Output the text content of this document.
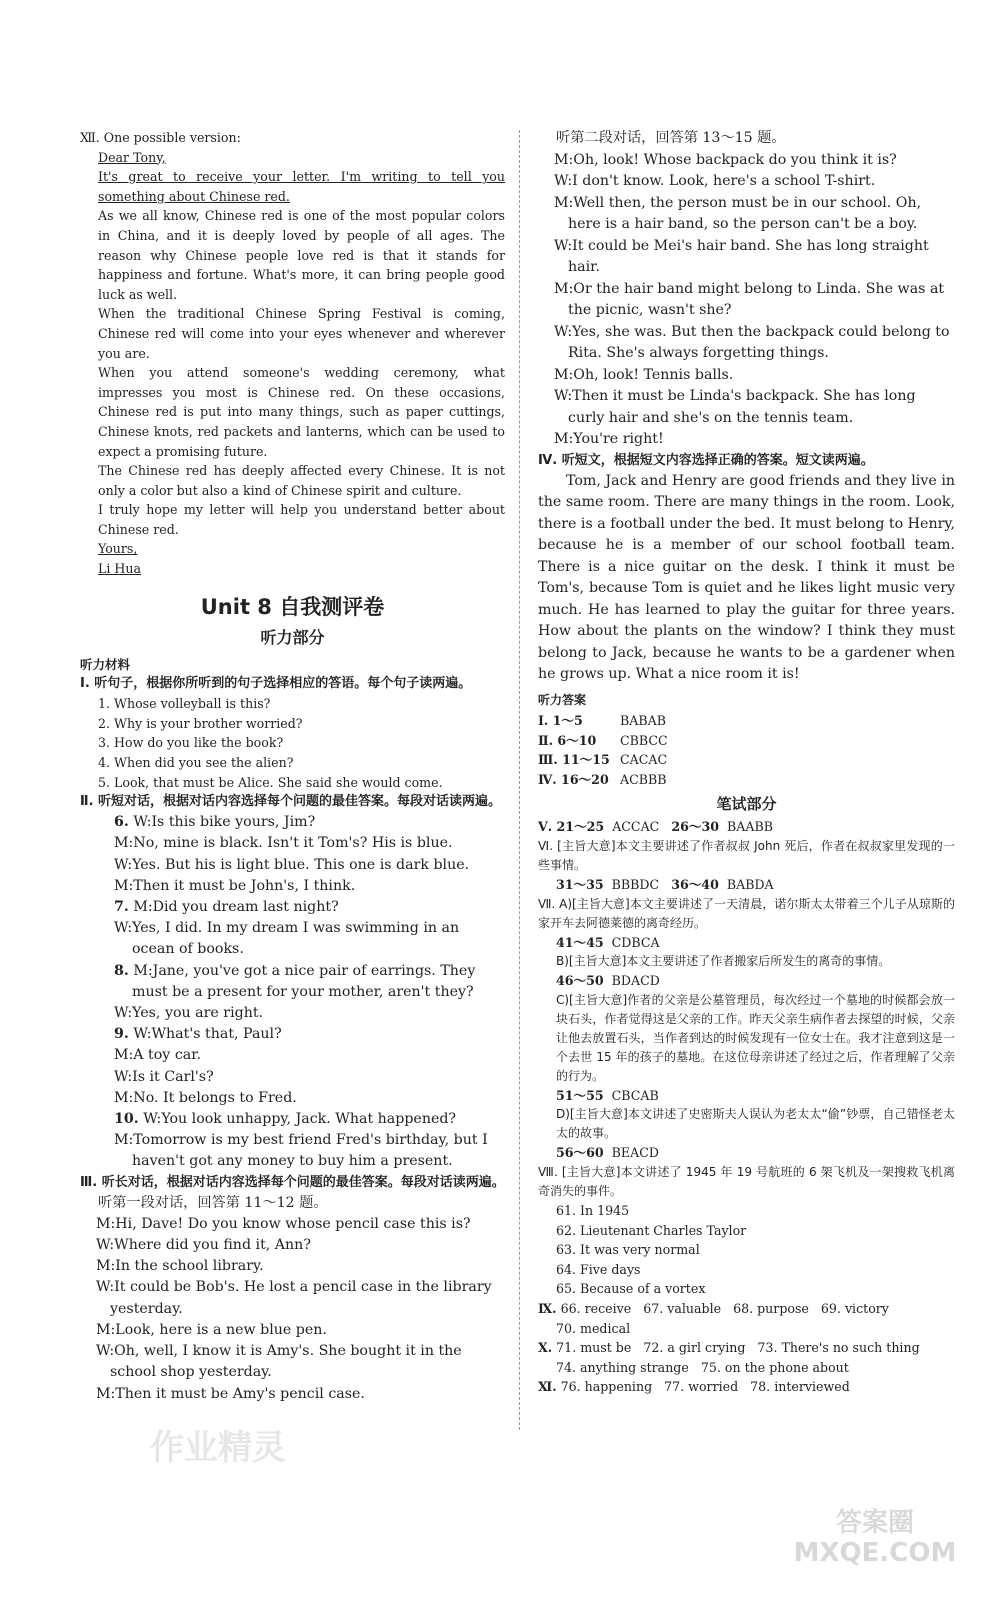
Ⅻ. One possible version:

Dear Tony,

It's great to receive your letter. I'm writing to tell you something about Chinese red.

As we all know, Chinese red is one of the most popular colors in China, and it is deeply loved by people of all ages. The reason why Chinese people love red is that it stands for happiness and fortune. What's more, it can bring people good luck as well.

When the traditional Chinese Spring Festival is coming, Chinese red will come into your eyes whenever and wherever you are.

When you attend someone's wedding ceremony, what impresses you most is Chinese red. On these occasions, Chinese red is put into many things, such as paper cuttings, Chinese knots, red packets and lanterns, which can be used to expect a promising future.

The Chinese red has deeply affected every Chinese. It is not only a color but also a kind of Chinese spirit and culture.

I truly hope my letter will help you understand better about Chinese red.

Yours,

Li Hua

Unit 8 自我测评卷
听力部分

听力材料

Ⅰ. 听句子，根据你所听到的句子选择相应的答语。每个句子读两遍。

1. Whose volleyball is this?

2. Why is your brother worried?

3. How do you like the book?

4. When did you see the alien?

5. Look, that must be Alice. She said she would come.

Ⅱ. 听短对话，根据对话内容选择每个问题的最佳答案。每段对话读两遍。

6. W:Is this bike yours, Jim?

M:No, mine is black. Isn't it Tom's? His is blue.

W:Yes. But his is light blue. This one is dark blue.

M:Then it must be John's, I think.

7. M:Did you dream last night?

W:Yes, I did. In my dream I was swimming in an ocean of books.

8. M:Jane, you've got a nice pair of earrings. They must be a present for your mother, aren't they?

W:Yes, you are right.

9. W:What's that, Paul?

M:A toy car.

W:Is it Carl's?

M:No. It belongs to Fred.

10. W:You look unhappy, Jack. What happened?

M:Tomorrow is my best friend Fred's birthday, but I haven't got any money to buy him a present.

Ⅲ. 听长对话，根据对话内容选择每个问题的最佳答案。每段对话读两遍。

听第一段对话，回答第 11～12 题。

M:Hi, Dave! Do you know whose pencil case this is?

W:Where did you find it, Ann?

M:In the school library.

W:It could be Bob's. He lost a pencil case in the library yesterday.

M:Look, here is a new blue pen.

W:Oh, well, I know it is Amy's. She bought it in the school shop yesterday.

M:Then it must be Amy's pencil case.

听第二段对话，回答第 13～15 题。

M:Oh, look! Whose backpack do you think it is?

W:I don't know. Look, here's a school T-shirt.

M:Well then, the person must be in our school. Oh, here is a hair band, so the person can't be a boy.

W:It could be Mei's hair band. She has long straight hair.

M:Or the hair band might belong to Linda. She was at the picnic, wasn't she?

W:Yes, she was. But then the backpack could belong to Rita. She's always forgetting things.

M:Oh, look! Tennis balls.

W:Then it must be Linda's backpack. She has long curly hair and she's on the tennis team.

M:You're right!

Ⅳ. 听短文，根据短文内容选择正确的答案。短文读两遍。

Tom, Jack and Henry are good friends and they live in the same room. There are many things in the room. Look, there is a football under the bed. It must belong to Henry, because he is a member of our school football team. There is a nice guitar on the desk. I think it must be Tom's, because Tom is quiet and he likes light music very much. He has learned to play the guitar for three years. How about the plants on the window? I think they must belong to Jack, because he wants to be a gardener when he grows up. What a nice room it is!

听力答案

Ⅰ. 1～5	BABAB

Ⅱ. 6～10 CBBCC

Ⅲ. 11～15 CACAC

Ⅳ. 16～20 ACBBB

笔试部分

Ⅴ. 21～25 ACCAC 26～30 BAABB

Ⅵ. [主旨大意]本文主要讲述了作者叔叔 John 死后，作者在叔叔家里发现的一些事情。

31～35 BBBDC 36～40 BABDA

Ⅶ. A)[主旨大意]本文主要讲述了一天清晨，诺尔斯太太带着三个儿子从琼斯的家开车去阿德莱德的离奇经历。

41～45 CDBCA

B)[主旨大意]本文主要讲述了作者搬家后所发生的离奇的事情。

46～50 BDACD

C)[主旨大意]作者的父亲是公墓管理员，每次经过一个墓地的时候都会放一块石头，作者觉得这是父亲的工作。昨天父亲生病作者去探望的时候，父亲让他去放置石头，当作者到达的时候发现有一位女士在。我才注意到这是一个去世 15 年的孩子的墓地。在这位母亲讲述了经过之后，作者理解了父亲的行为。

51～55 CBCAB

D)[主旨大意]本文讲述了史密斯夫人误认为老太太“偷”钞票，自己错怪老太太的故事。

56～60 BEACD

Ⅷ. [主旨大意]本文讲述了 1945 年 19 号航班的 6 架飞机及一架搜救飞机离奇消失的事件。

61. In 1945

62. Lieutenant Charles Taylor

63. It was very normal

64. Five days

65. Because of a vortex

Ⅸ. 66. receive 67. valuable 68. purpose 69. victory

70. medical

Ⅹ. 71. must be 72. a girl crying 73. There's no such thing

74. anything strange 75. on the phone about

Ⅺ. 76. happening 77. worried 78. interviewed

作业精灵
答案圈 MXQE.COM
